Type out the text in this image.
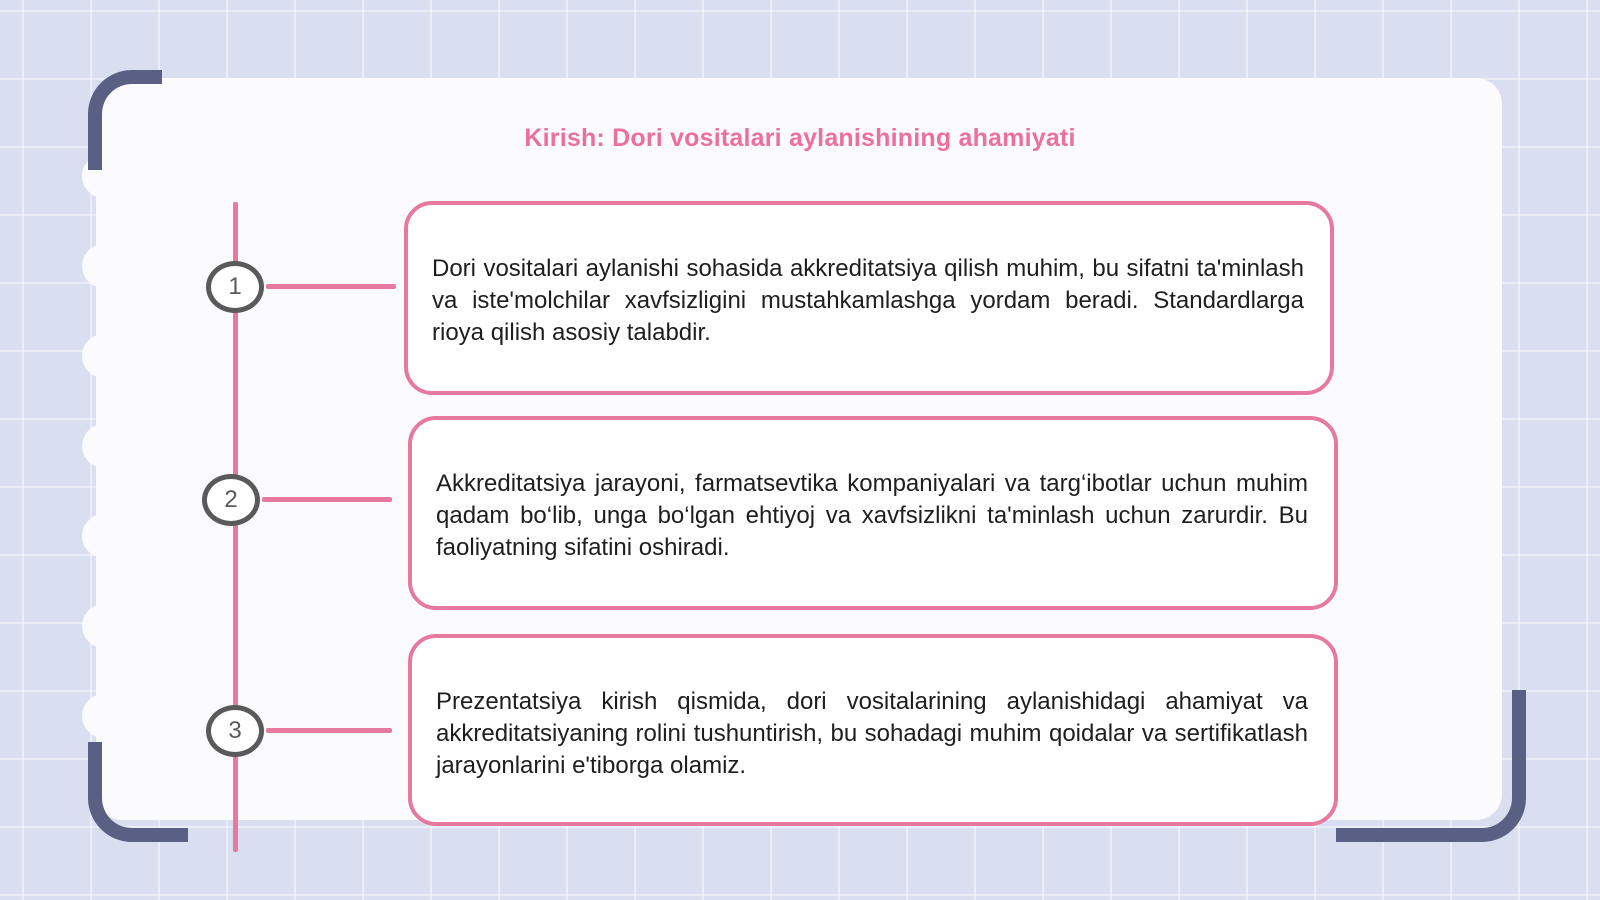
Kirish: Dori vositalari aylanishining ahamiyati
1

Dori vositalari aylanishi sohasida akkreditatsiya qilish muhim, bu sifatni ta'minlash va iste'molchilar xavfsizligini mustahkamlashga yordam beradi. Standardlarga rioya qilish asosiy talabdir.

2

Akkreditatsiya jarayoni, farmatsevtika kompaniyalari va targ‘ibotlar uchun muhim qadam bo‘lib, unga bo‘lgan ehtiyoj va xavfsizlikni ta'minlash uchun zarurdir. Bu faoliyatning sifatini oshiradi.

3

Prezentatsiya kirish qismida, dori vositalarining aylanishidagi ahamiyat va akkreditatsiyaning rolini tushuntirish, bu sohadagi muhim qoidalar va sertifikatlash jarayonlarini e'tiborga olamiz.
